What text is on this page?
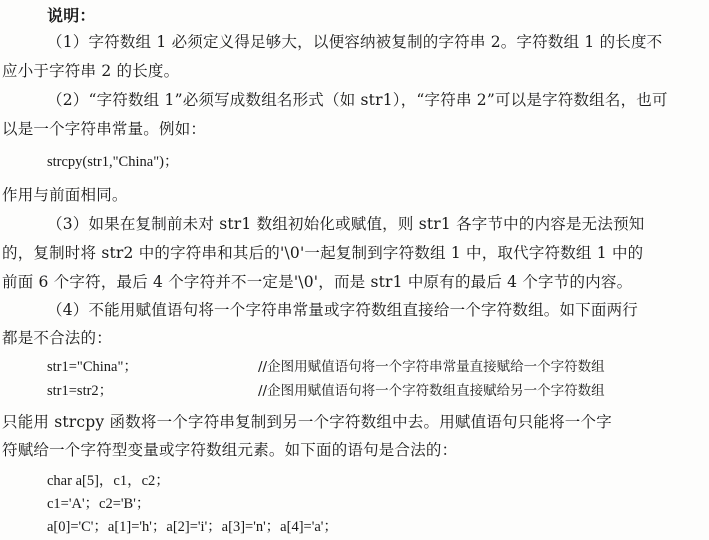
说明：
（1）字符数组 1 必须定义得足够大，以便容纳被复制的字符串 2。字符数组 1 的长度不
应小于字符串 2 的长度。
（2）“字符数组 1”必须写成数组名形式（如 str1），“字符串 2”可以是字符数组名，也可
以是一个字符串常量。例如：
strcpy(str1,"China")；
作用与前面相同。
（3）如果在复制前未对 str1 数组初始化或赋值，则 str1 各字节中的内容是无法预知
的，复制时将 str2 中的字符串和其后的'\0'一起复制到字符数组 1 中，取代字符数组 1 中的
前面 6 个字符，最后 4 个字符并不一定是'\0'，而是 str1 中原有的最后 4 个字节的内容。
（4）不能用赋值语句将一个字符串常量或字符数组直接给一个字符数组。如下面两行
都是不合法的：
str1="China"；	//企图用赋值语句将一个字符串常量直接赋给一个字符数组
str1=str2；	//企图用赋值语句将一个字符数组直接赋给另一个字符数组
只能用 strcpy 函数将一个字符串复制到另一个字符数组中去。用赋值语句只能将一个字
符赋给一个字符型变量或字符数组元素。如下面的语句是合法的：
char a[5]，c1，c2；
c1='A'；c2='B'；
a[0]='C'；a[1]='h'；a[2]='i'；a[3]='n'；a[4]='a'；
